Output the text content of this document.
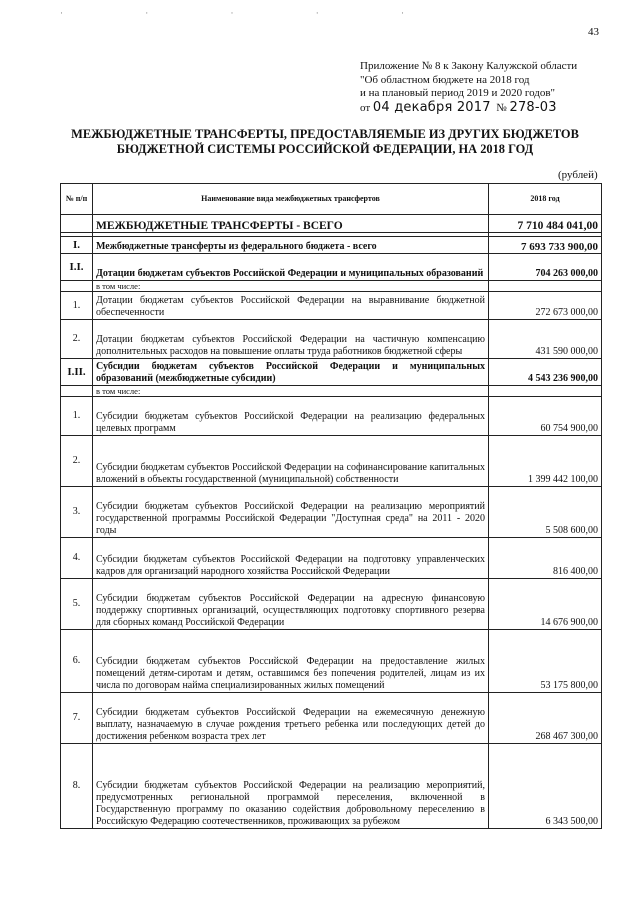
· · · · ·
43
Приложение № 8 к Закону Калужской области
"Об областном бюджете на 2018 год
и на плановый период 2019 и 2020 годов"
от 04 декабря 2017 № 278-03
МЕЖБЮДЖЕТНЫЕ ТРАНСФЕРТЫ, ПРЕДОСТАВЛЯЕМЫЕ ИЗ ДРУГИХ БЮДЖЕТОВ
БЮДЖЕТНОЙ СИСТЕМЫ РОССИЙСКОЙ ФЕДЕРАЦИИ, НА 2018 ГОД
(рублей)
№ п/п	Наименование вида межбюджетных трансфертов	2018 год
	МЕЖБЮДЖЕТНЫЕ ТРАНСФЕРТЫ - ВСЕГО	7 710 484 041,00

I.	Межбюджетные трансферты из федерального бюджета - всего	7 693 733 900,00
I.I.	Дотации бюджетам субъектов Российской Федерации и муниципальных образований	704 263 000,00
	в том числе:	
1.	Дотации бюджетам субъектов Российской Федерации на выравнивание бюджетной обеспеченности	272 673 000,00
2.	Дотации бюджетам субъектов Российской Федерации на частичную компенсацию дополнительных расходов на повышение оплаты труда работников бюджетной сферы	431 590 000,00
I.II.	Субсидии бюджетам субъектов Российской Федерации и муниципальных образований (межбюджетные субсидии)	4 543 236 900,00
	в том числе:	
1.	Субсидии бюджетам субъектов Российской Федерации на реализацию федеральных целевых программ	60 754 900,00
2.	Субсидии бюджетам субъектов Российской Федерации на софинансирование капитальных вложений в объекты государственной (муниципальной) собственности	1 399 442 100,00
3.	Субсидии бюджетам субъектов Российской Федерации на реализацию мероприятий государственной программы Российской Федерации "Доступная среда" на 2011 - 2020 годы	5 508 600,00
4.	Субсидии бюджетам субъектов Российской Федерации на подготовку управленческих кадров для организаций народного хозяйства Российской Федерации	816 400,00
5.	Субсидии бюджетам субъектов Российской Федерации на адресную финансовую поддержку спортивных организаций, осуществляющих подготовку спортивного резерва для сборных команд Российской Федерации	14 676 900,00
6.	Субсидии бюджетам субъектов Российской Федерации на предоставление жилых помещений детям-сиротам и детям, оставшимся без попечения родителей, лицам из их числа по договорам найма специализированных жилых помещений	53 175 800,00
7.	Субсидии бюджетам субъектов Российской Федерации на ежемесячную денежную выплату, назначаемую в случае рождения третьего ребенка или последующих детей до достижения ребенком возраста трех лет	268 467 300,00
8.	Субсидии бюджетам субъектов Российской Федерации на реализацию мероприятий, предусмотренных региональной программой переселения, включенной в Государственную программу по оказанию содействия добровольному переселению в Российскую Федерацию соотечественников, проживающих за рубежом	6 343 500,00
